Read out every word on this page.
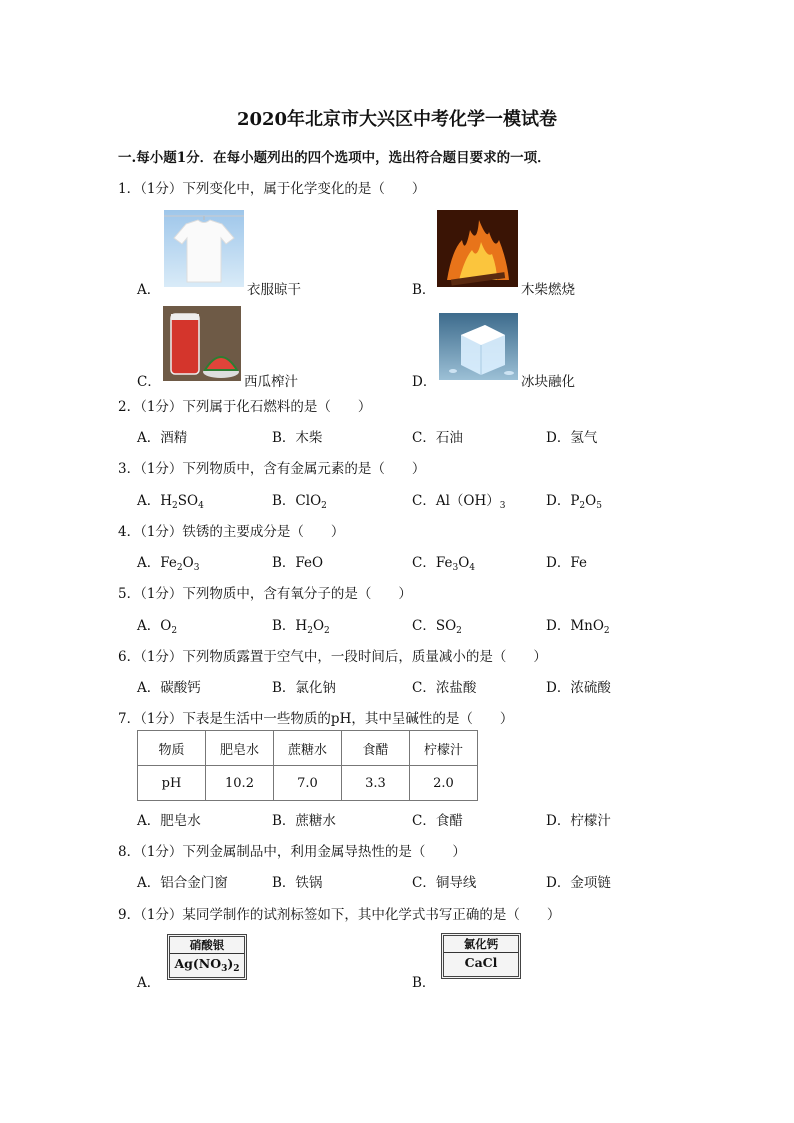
2020年北京市大兴区中考化学一模试卷
一.每小题1分．在每小题列出的四个选项中，选出符合题目要求的一项．
1．（1分）下列变化中，属于化学变化的是（　　）
A．	衣服晾干	B．	木柴燃烧
C．	西瓜榨汁	D．	冰块融化
2．（1分）下列属于化石燃料的是（　　）
A．酒精	B．木柴	C．石油	D．氢气
3．（1分）下列物质中，含有金属元素的是（　　）
A．$H_2SO_4$	B．ClO$_2$	C．$Al(OH)_3$	D．$P_2O_5$
4．（1分）铁锈的主要成分是（　　）
A．$Fe_2O_3$	B．FeO	C．$Fe_3O_4$	D．Fe
5．（1分）下列物质中，含有氧分子的是（　　）
A．$O_2$	B．$H_2O_2$	C．$SO_2$	D．MnO$_2$
6．（1分）下列物质露置于空气中，一段时间后，质量减小的是（　　）
A．碳酸钙	B．氯化钠	C．浓盐酸	D．浓硫酸
7．（1分）下表是生活中一些物质的pH，其中呈碱性的是（　　）
物质	肥皂水	蔗糖水	食醋	柠檬汁
pH	10.2	7.0	3.3	2.0
A．肥皂水	B．蔗糖水	C．食醋	D．柠檬汁
8．（1分）下列金属制品中，利用金属导热性的是（　　）
A．铝合金门窗	B．铁锅	C．铜导线	D．金项链
9．（1分）某同学制作的试剂标签如下，其中化学式书写正确的是（　　）
A．
硝酸银
$Ag(NO_3)_2$
B．
氯化钙
CaCl
